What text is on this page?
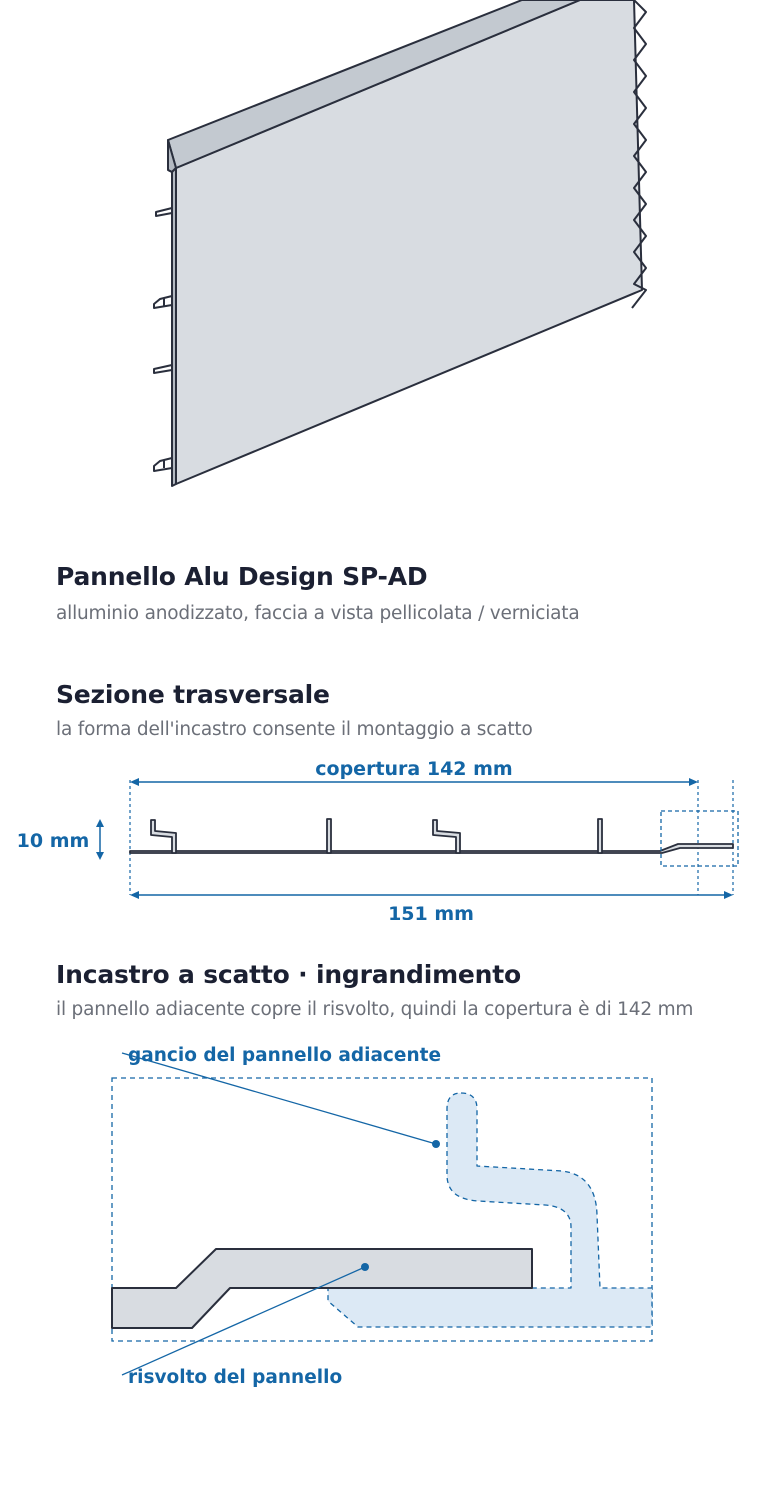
Pannello Alu Design SP-AD

alluminio anodizzato, faccia a vista pellicolata / verniciata

Sezione trasversale

la forma dell'incastro consente il montaggio a scatto

copertura 142 mm
151 mm
10 mm
Incastro a scatto · ingrandimento

il pannello adiacente copre il risvolto, quindi la copertura è di 142 mm

gancio del pannello adiacente
risvolto del pannello
